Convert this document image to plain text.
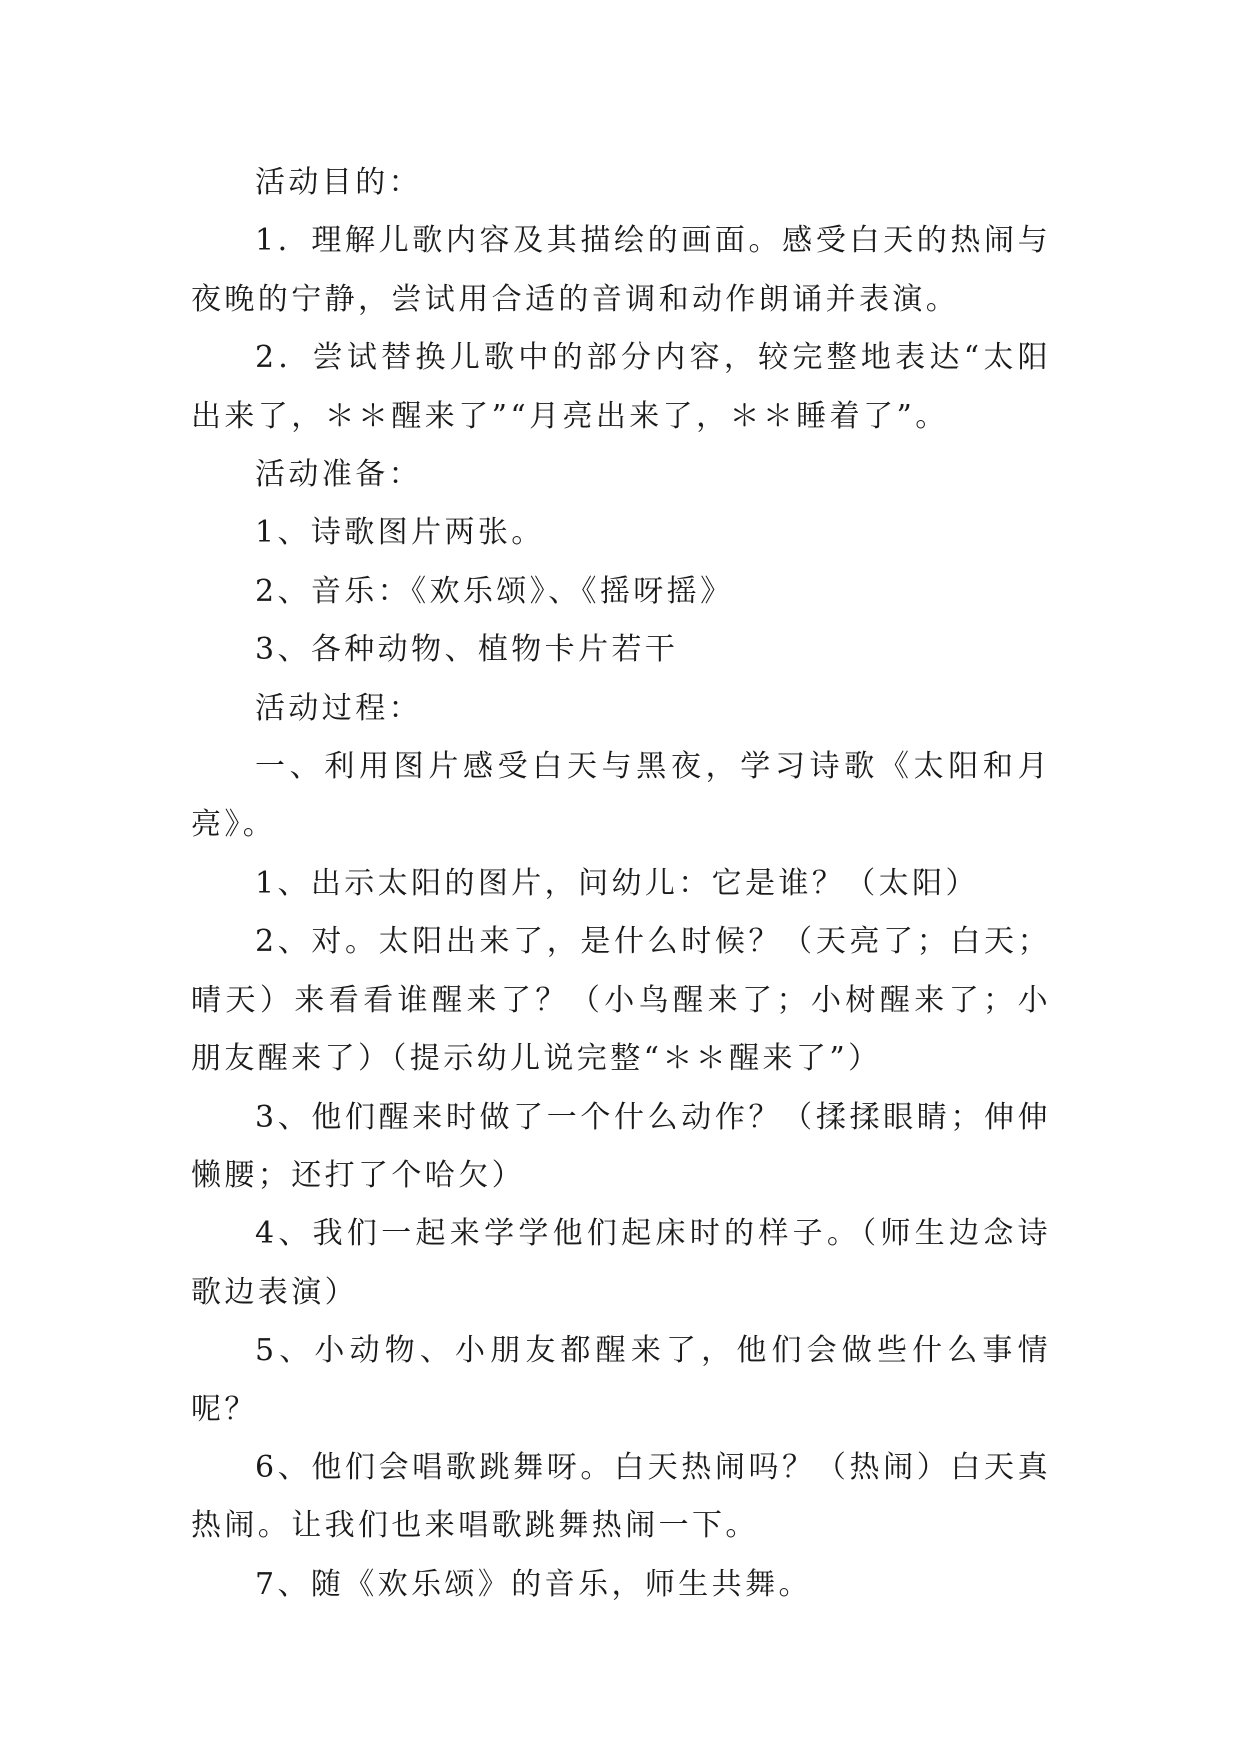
活动目的：

1．理解儿歌内容及其描绘的画面。感受白天的热闹与夜晚的宁静，尝试用合适的音调和动作朗诵并表演。

2．尝试替换儿歌中的部分内容，较完整地表达“太阳出来了，＊＊醒来了”“月亮出来了，＊＊睡着了”。

活动准备：

1、诗歌图片两张。

2、音乐：《欢乐颂》、《摇呀摇》

3、各种动物、植物卡片若干

活动过程：

一、利用图片感受白天与黑夜，学习诗歌《太阳和月亮》。

1、出示太阳的图片，问幼儿：它是谁？（太阳）

2、对。太阳出来了，是什么时候？（天亮了；白天；晴天）来看看谁醒来了？（小鸟醒来了；小树醒来了；小朋友醒来了）（提示幼儿说完整“＊＊醒来了”）

3、他们醒来时做了一个什么动作？（揉揉眼睛；伸伸懒腰；还打了个哈欠）

4、我们一起来学学他们起床时的样子。（师生边念诗歌边表演）

5、小动物、小朋友都醒来了，他们会做些什么事情呢？

6、他们会唱歌跳舞呀。白天热闹吗？（热闹）白天真热闹。让我们也来唱歌跳舞热闹一下。

7、随《欢乐颂》的音乐，师生共舞。
